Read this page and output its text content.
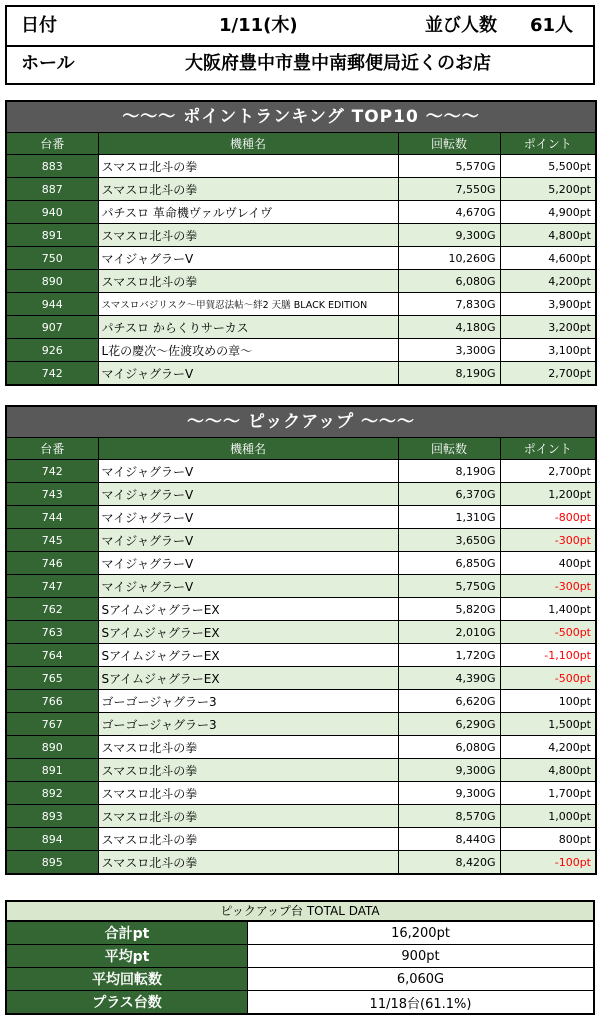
日付	1/11(木)	並び人数 61人
ホール	大阪府豊中市豊中南郵便局近くのお店
～～～ ポイントランキング TOP10 ～～～
台番	機種名	回転数	ポイント
883	スマスロ北斗の拳	5,570G	5,500pt
887	スマスロ北斗の拳	7,550G	5,200pt
940	パチスロ 革命機ヴァルヴレイヴ	4,670G	4,900pt
891	スマスロ北斗の拳	9,300G	4,800pt
750	マイジャグラーV	10,260G	4,600pt
890	スマスロ北斗の拳	6,080G	4,200pt
944	スマスロバジリスク～甲賀忍法帖～絆2 天膳 BLACK EDITION	7,830G	3,900pt
907	パチスロ からくりサーカス	4,180G	3,200pt
926	L花の慶次～佐渡攻めの章～	3,300G	3,100pt
742	マイジャグラーV	8,190G	2,700pt
～～～ ピックアップ ～～～
台番	機種名	回転数	ポイント
742	マイジャグラーV	8,190G	2,700pt
743	マイジャグラーV	6,370G	1,200pt
744	マイジャグラーV	1,310G	-800pt
745	マイジャグラーV	3,650G	-300pt
746	マイジャグラーV	6,850G	400pt
747	マイジャグラーV	5,750G	-300pt
762	SアイムジャグラーEX	5,820G	1,400pt
763	SアイムジャグラーEX	2,010G	-500pt
764	SアイムジャグラーEX	1,720G	-1,100pt
765	SアイムジャグラーEX	4,390G	-500pt
766	ゴーゴージャグラー3	6,620G	100pt
767	ゴーゴージャグラー3	6,290G	1,500pt
890	スマスロ北斗の拳	6,080G	4,200pt
891	スマスロ北斗の拳	9,300G	4,800pt
892	スマスロ北斗の拳	9,300G	1,700pt
893	スマスロ北斗の拳	8,570G	1,000pt
894	スマスロ北斗の拳	8,440G	800pt
895	スマスロ北斗の拳	8,420G	-100pt
ピックアップ台 TOTAL DATA
合計pt	16,200pt
平均pt	900pt
平均回転数	6,060G
プラス台数	11/18台(61.1%)
